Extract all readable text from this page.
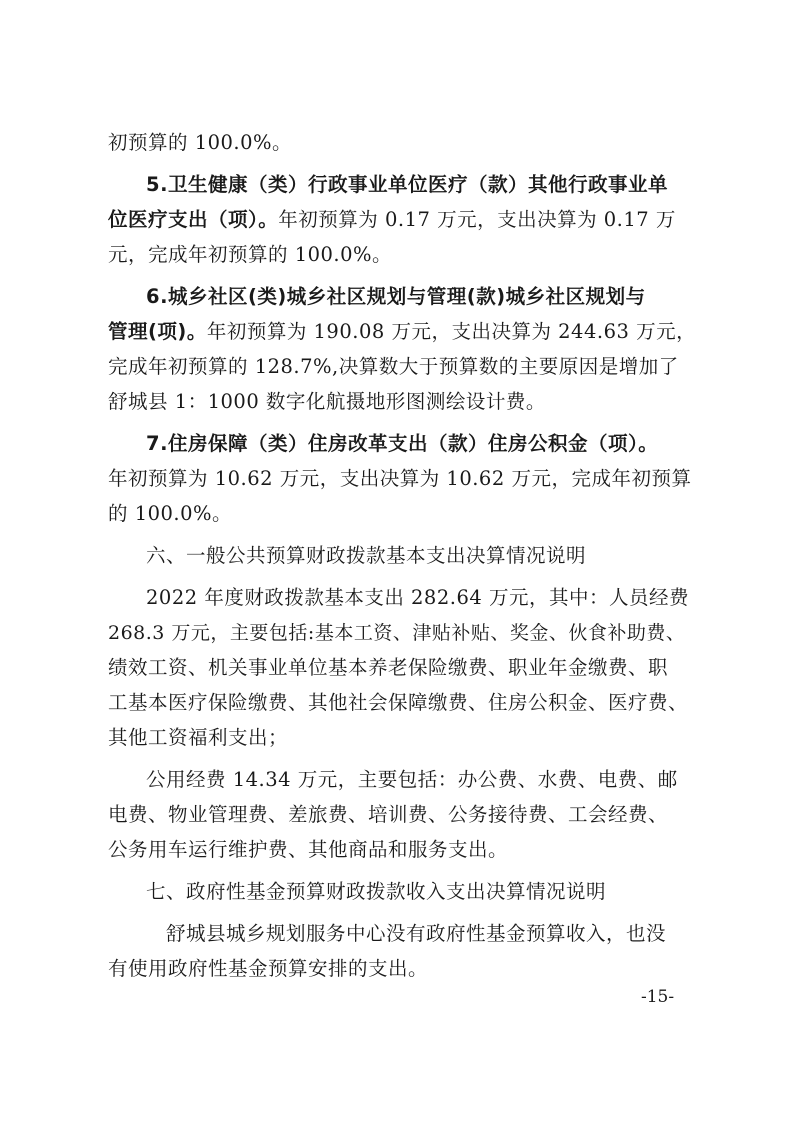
初预算的 100.0%。
5.卫生健康（类）行政事业单位医疗（款）其他行政事业单
位医疗支出（项）。年初预算为 0.17 万元，支出决算为 0.17 万
元，完成年初预算的 100.0%。
6.城乡社区(类)城乡社区规划与管理(款)城乡社区规划与
管理(项)。年初预算为 190.08 万元，支出决算为 244.63 万元，
完成年初预算的 128.7%,决算数大于预算数的主要原因是增加了
舒城县 1：1000 数字化航摄地形图测绘设计费。
7.住房保障（类）住房改革支出（款）住房公积金（项）。
年初预算为 10.62 万元，支出决算为 10.62 万元，完成年初预算
的 100.0%。
六、一般公共预算财政拨款基本支出决算情况说明
2022 年度财政拨款基本支出 282.64 万元，其中：人员经费
268.3 万元，主要包括:基本工资、津贴补贴、奖金、伙食补助费、
绩效工资、机关事业单位基本养老保险缴费、职业年金缴费、职
工基本医疗保险缴费、其他社会保障缴费、住房公积金、医疗费、
其他工资福利支出；
公用经费 14.34 万元，主要包括：办公费、水费、电费、邮
电费、物业管理费、差旅费、培训费、公务接待费、工会经费、
公务用车运行维护费、其他商品和服务支出。
七、政府性基金预算财政拨款收入支出决算情况说明
舒城县城乡规划服务中心没有政府性基金预算收入，也没
有使用政府性基金预算安排的支出。
-15-
